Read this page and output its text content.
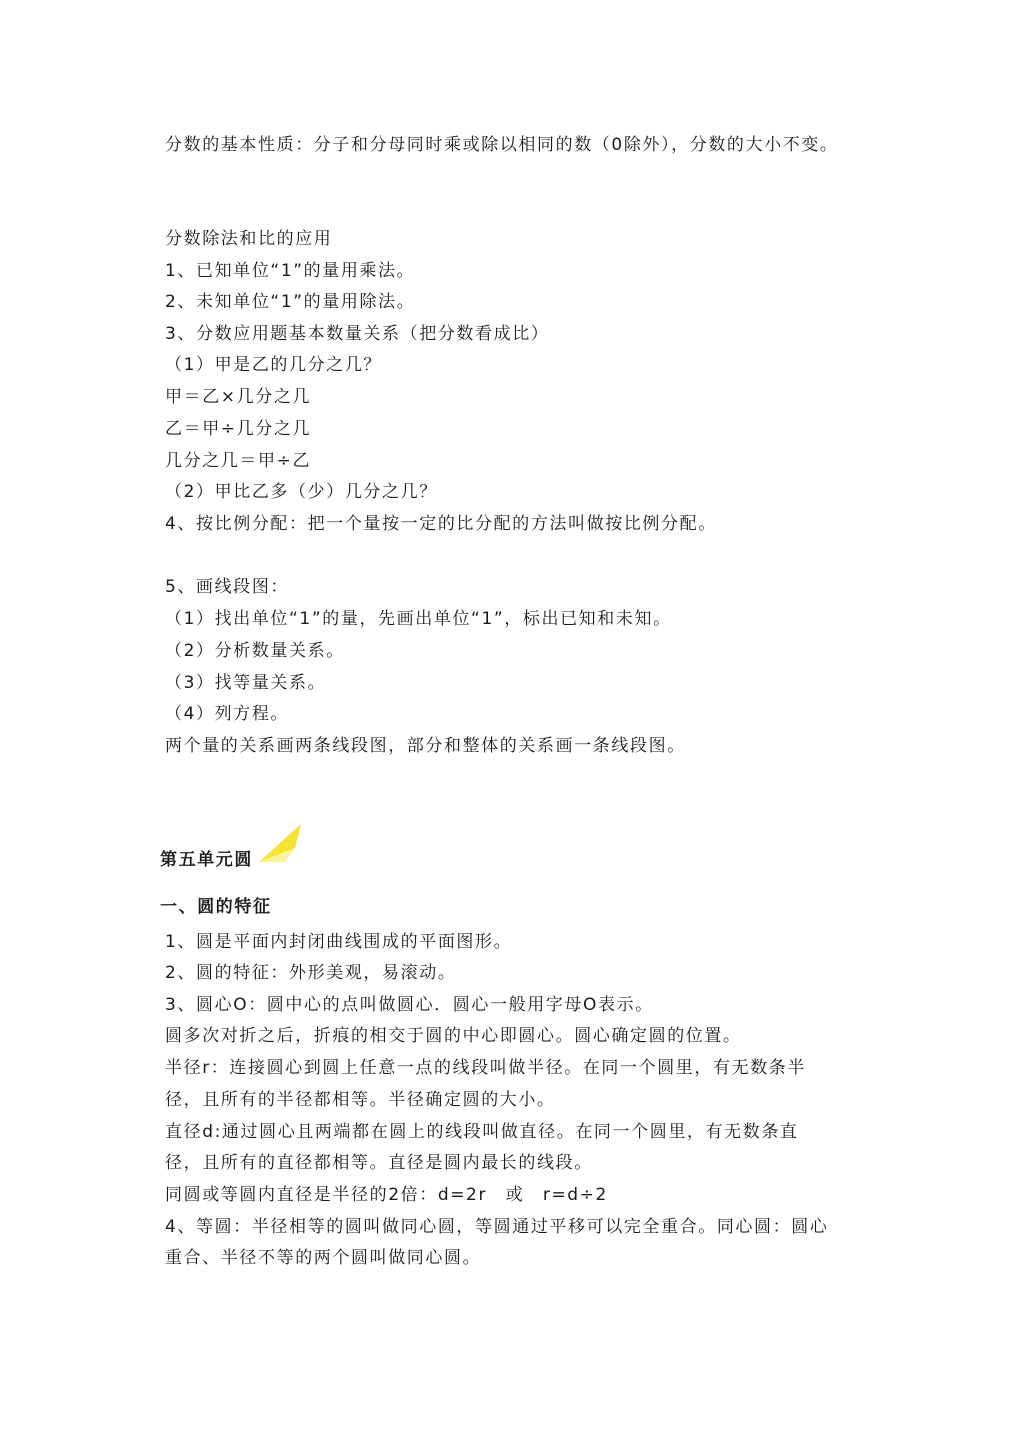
分数的基本性质：分子和分母同时乘或除以相同的数（0除外），分数的大小不变。
分数除法和比的应用
1、已知单位“1”的量用乘法。
2、未知单位“1”的量用除法。
3、分数应用题基本数量关系（把分数看成比）
（1）甲是乙的几分之几？
甲＝乙×几分之几
乙＝甲÷几分之几
几分之几＝甲÷乙
（2）甲比乙多（少）几分之几？
4、按比例分配：把一个量按一定的比分配的方法叫做按比例分配。
5、画线段图：
（1）找出单位“1”的量，先画出单位“1”，标出已知和未知。
（2）分析数量关系。
（3）找等量关系。
（4）列方程。
两个量的关系画两条线段图，部分和整体的关系画一条线段图。
第五单元圆
一、圆的特征
1、圆是平面内封闭曲线围成的平面图形。
2、圆的特征：外形美观，易滚动。
3、圆心O：圆中心的点叫做圆心．圆心一般用字母O表示。
圆多次对折之后，折痕的相交于圆的中心即圆心。圆心确定圆的位置。
半径r：连接圆心到圆上任意一点的线段叫做半径。在同一个圆里，有无数条半
径，且所有的半径都相等。半径确定圆的大小。
直径d:通过圆心且两端都在圆上的线段叫做直径。在同一个圆里，有无数条直
径，且所有的直径都相等。直径是圆内最长的线段。
同圆或等圆内直径是半径的2倍：d=2r　或　r=d÷2
4、等圆：半径相等的圆叫做同心圆，等圆通过平移可以完全重合。同心圆：圆心
重合、半径不等的两个圆叫做同心圆。
